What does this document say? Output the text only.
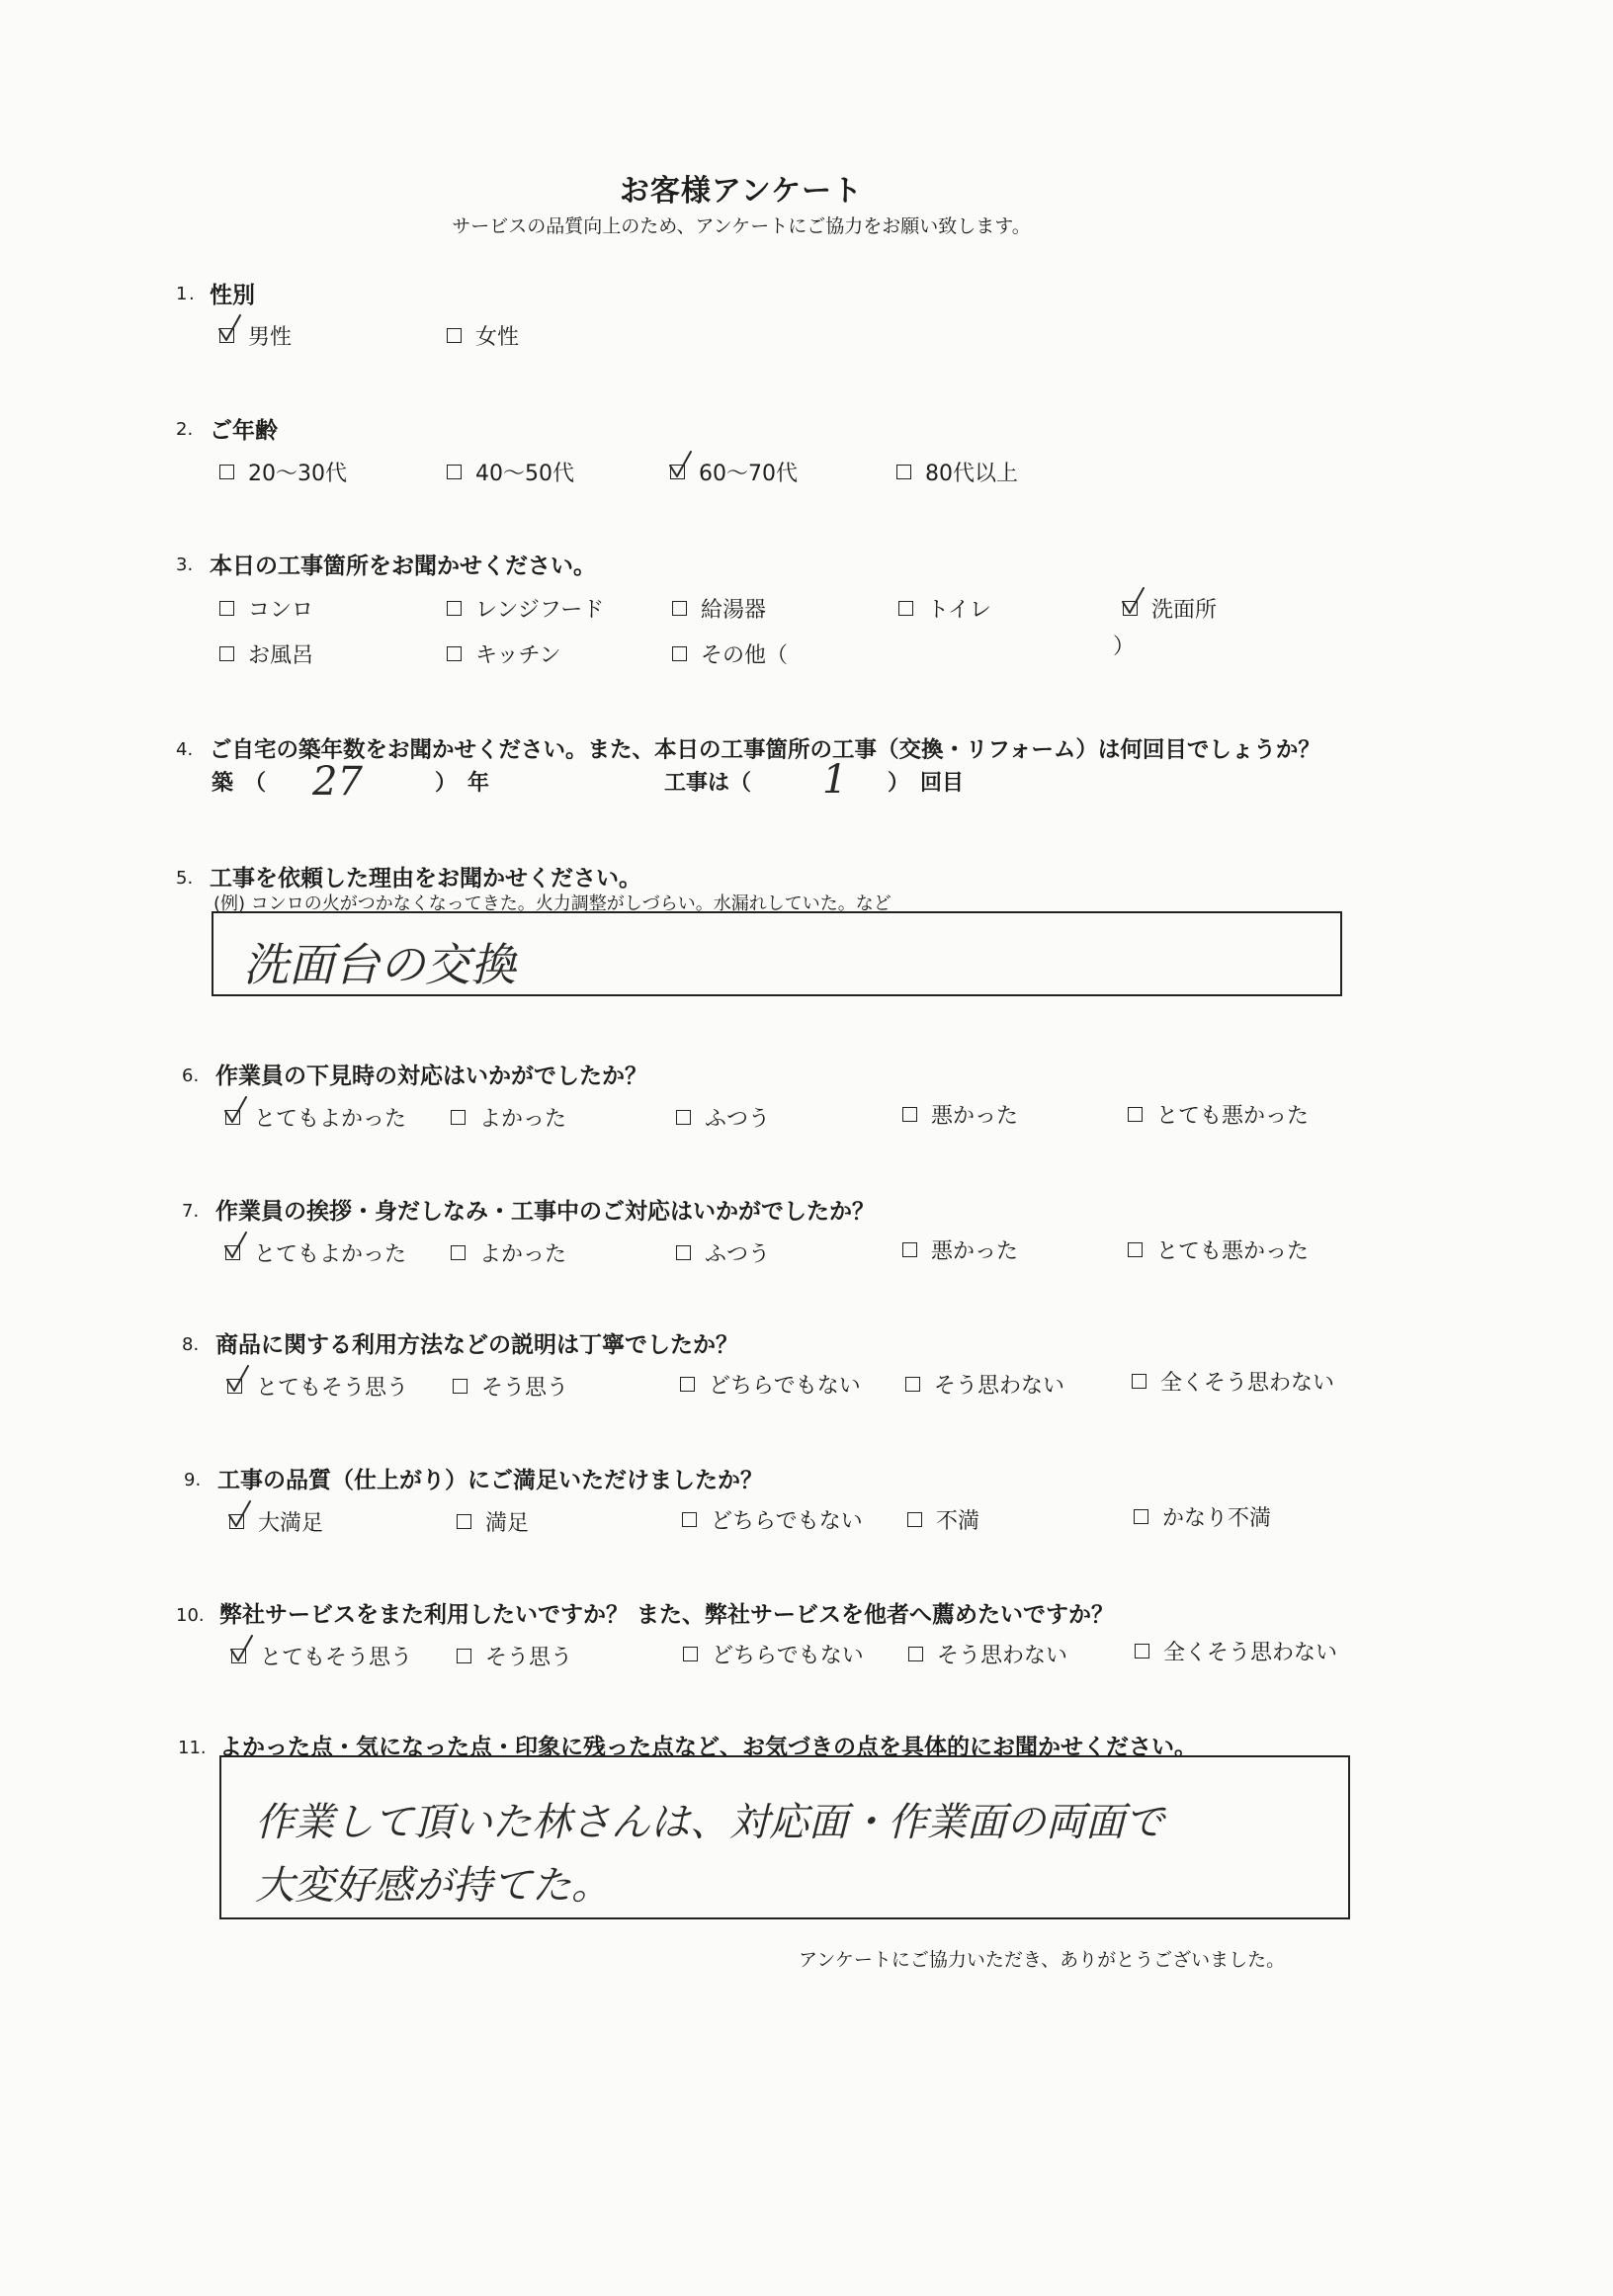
お客様アンケート
サービスの品質向上のため、アンケートにご協力をお願い致します。
1 . 性別
男性	女性
2. ご年齢
20～30代	40～50代	60～70代	80代以上
3. 本日の工事箇所をお聞かせください。
コンロ	レンジフード	給湯器	トイレ	洗面所
お風呂	キッチン	その他（	）
4. ご自宅の築年数をお聞かせください。また、本日の工事箇所の工事（交換・リフォーム）は何回目でしょうか？
築　（ 27	）　年	工事は（ 1 ）　回目
5. 工事を依頼した理由をお聞かせください。
(例) コンロの火がつかなくなってきた。火力調整がしづらい。水漏れしていた。など
洗面台の交換
6. 作業員の下見時の対応はいかがでしたか？
とてもよかった	よかった	ふつう	悪かった	とても悪かった
7. 作業員の挨拶・身だしなみ・工事中のご対応はいかがでしたか？
とてもよかった	よかった	ふつう	悪かった	とても悪かった
8. 商品に関する利用方法などの説明は丁寧でしたか？
とてもそう思う	そう思う	どちらでもない	そう思わない	全くそう思わない
9. 工事の品質（仕上がり）にご満足いただけましたか？
大満足	満足	どちらでもない	不満	かなり不満
10. 弊社サービスをまた利用したいですか？ また、弊社サービスを他者へ薦めたいですか？
とてもそう思う	そう思う	どちらでもない	そう思わない	全くそう思わない
11. よかった点・気になった点・印象に残った点など、お気づきの点を具体的にお聞かせください。
作業して頂いた林さんは、対応面・作業面の両面で
大変好感が持てた。
アンケートにご協力いただき、ありがとうございました。
